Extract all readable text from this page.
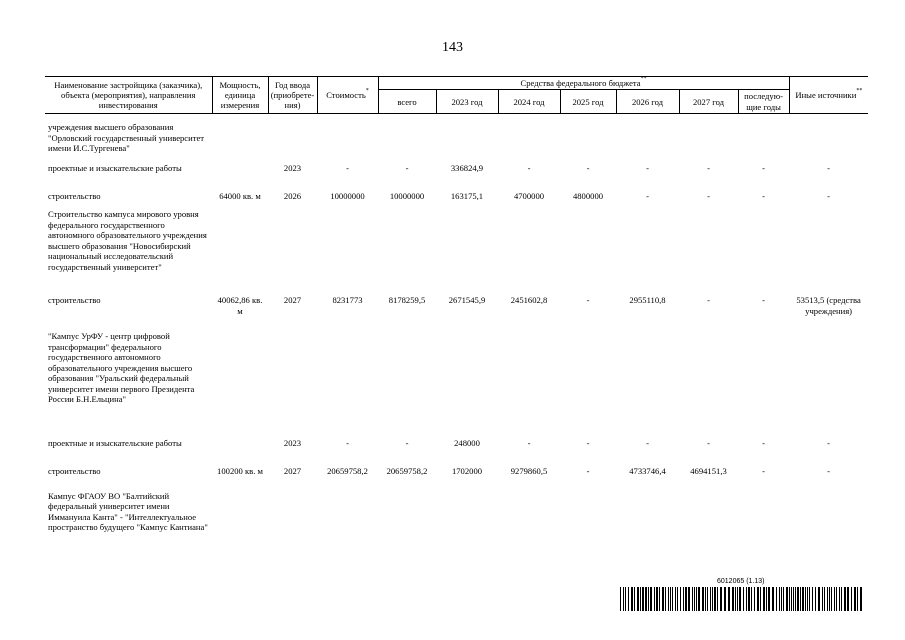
143
Наименование застройщика (заказчика), объекта (мероприятия), направления инвестирования	Мощность, единица измерения	Год ввода (приобрете-ния)	Стоимость*	Средства федерального бюджета**							Иные источники**
				всего	2023 год	2024 год	2025 год	2026 год	2027 год	последую-щие годы	
учреждения высшего образования "Орловский государственный университет имени И.С.Тургенева"											
проектные и изыскательские работы		2023	-	-	336824,9	-	-	-	-	-	-
строительство	64000 кв. м	2026	10000000	10000000	163175,1	4700000	4800000	-	-	-	-
Строительство кампуса мирового уровня федерального государственного автономного образовательного учреждения высшего образования "Новосибирский национальный исследовательский государственный университет"											
строительство	40062,86 кв. м	2027	8231773	8178259,5	2671545,9	2451602,8	-	2955110,8	-	-	53513,5 (средства учреждения)
"Кампус УрФУ - центр цифровой трансформации" федерального государственного автономного образовательного учреждения высшего образования "Уральский федеральный университет имени первого Президента России Б.Н.Ельцина"											
проектные и изыскательские работы		2023	-	-	248000	-	-	-	-	-	-
строительство	100200 кв. м	2027	20659758,2	20659758,2	1702000	9279860,5	-	4733746,4	4694151,3	-	-
Кампус ФГАОУ ВО "Балтийский федеральный университет имени Иммануила Канта" - "Интеллектуальное пространство будущего "Кампус Кантиана"											
6012065 (1.13)
